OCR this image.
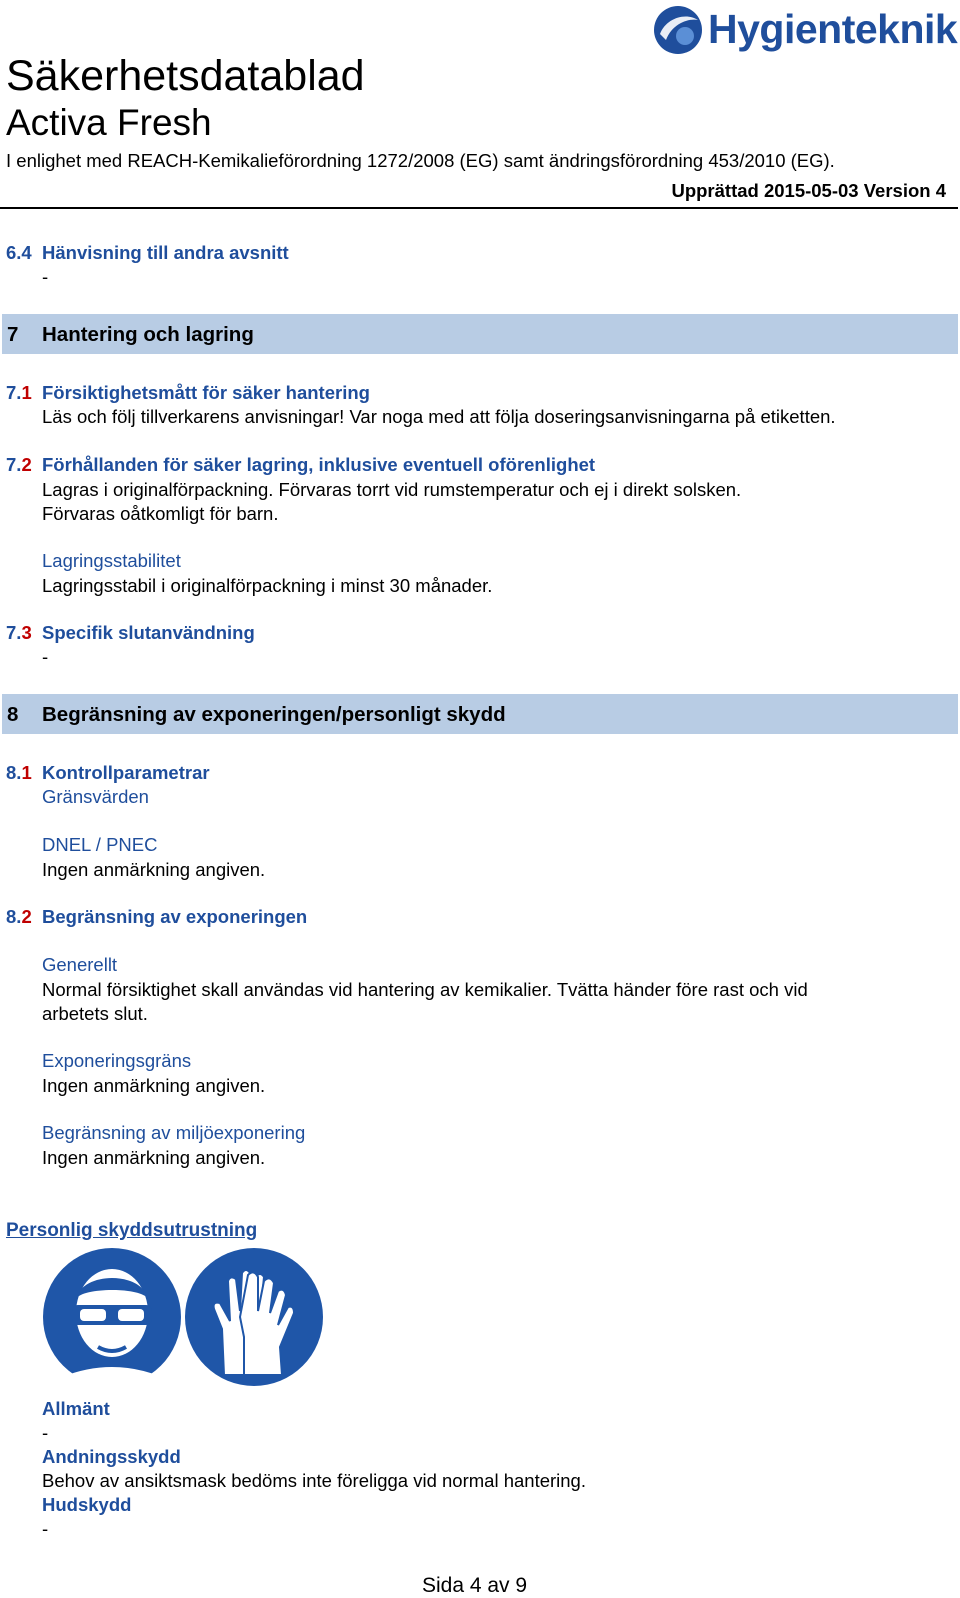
Hygienteknik
Säkerhetsdatablad
Activa Fresh
I enlighet med REACH-Kemikalieförordning 1272/2008 (EG) samt ändringsförordning 453/2010 (EG).
Upprättad 2015-05-03 Version 4
6.4 Hänvisning till andra avsnitt
-
7 Hantering och lagring
7.1 Försiktighetsmått för säker hantering
Läs och följ tillverkarens anvisningar! Var noga med att följa doseringsanvisningarna på etiketten.
7.2 Förhållanden för säker lagring, inklusive eventuell oförenlighet
Lagras i originalförpackning. Förvaras torrt vid rumstemperatur och ej i direkt solsken.
Förvaras oåtkomligt för barn.
Lagringsstabilitet
Lagringsstabil i originalförpackning i minst 30 månader.
7.3 Specifik slutanvändning
-
8 Begränsning av exponeringen/personligt skydd
8.1 Kontrollparametrar
Gränsvärden
DNEL / PNEC
Ingen anmärkning angiven.
8.2 Begränsning av exponeringen
Generellt
Normal försiktighet skall användas vid hantering av kemikalier. Tvätta händer före rast och vid
arbetets slut.
Exponeringsgräns
Ingen anmärkning angiven.
Begränsning av miljöexponering
Ingen anmärkning angiven.
Personlig skyddsutrustning
Allmänt
-
Andningsskydd
Behov av ansiktsmask bedöms inte föreligga vid normal hantering.
Hudskydd
-
Sida 4 av 9
